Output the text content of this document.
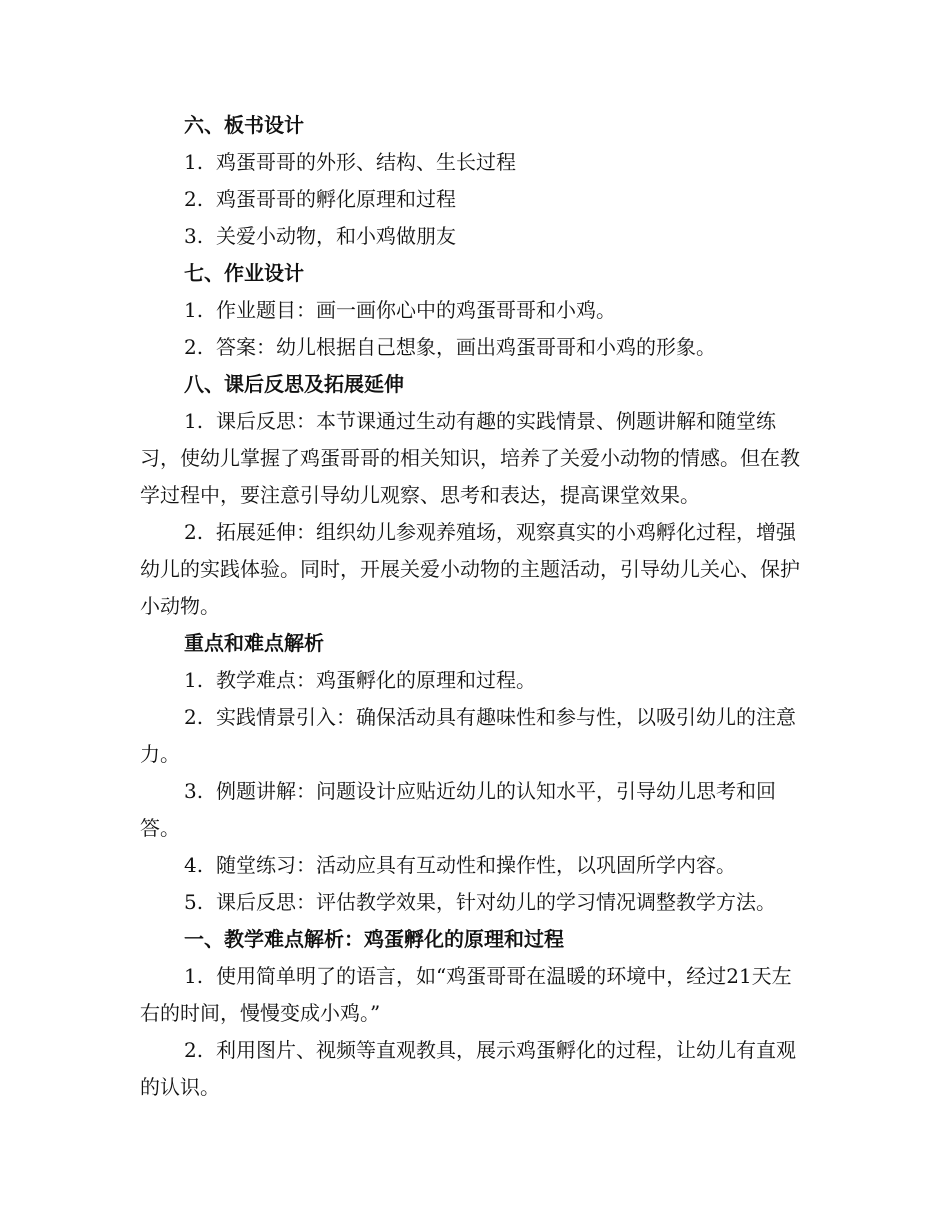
六、板书设计

1. 鸡蛋哥哥的外形、结构、生长过程

2. 鸡蛋哥哥的孵化原理和过程

3. 关爱小动物，和小鸡做朋友

七、作业设计

1. 作业题目：画一画你心中的鸡蛋哥哥和小鸡。

2. 答案：幼儿根据自己想象，画出鸡蛋哥哥和小鸡的形象。

八、课后反思及拓展延伸

1. 课后反思：本节课通过生动有趣的实践情景、例题讲解和随堂练习，使幼儿掌握了鸡蛋哥哥的相关知识，培养了关爱小动物的情感。但在教学过程中，要注意引导幼儿观察、思考和表达，提高课堂效果。

2. 拓展延伸：组织幼儿参观养殖场，观察真实的小鸡孵化过程，增强幼儿的实践体验。同时，开展关爱小动物的主题活动，引导幼儿关心、保护小动物。

重点和难点解析

1. 教学难点：鸡蛋孵化的原理和过程。

2. 实践情景引入：确保活动具有趣味性和参与性，以吸引幼儿的注意力。

3. 例题讲解：问题设计应贴近幼儿的认知水平，引导幼儿思考和回答。

4. 随堂练习：活动应具有互动性和操作性，以巩固所学内容。

5. 课后反思：评估教学效果，针对幼儿的学习情况调整教学方法。

一、教学难点解析：鸡蛋孵化的原理和过程

1. 使用简单明了的语言，如“鸡蛋哥哥在温暖的环境中，经过21天左右的时间，慢慢变成小鸡。”

2. 利用图片、视频等直观教具，展示鸡蛋孵化的过程，让幼儿有直观的认识。
